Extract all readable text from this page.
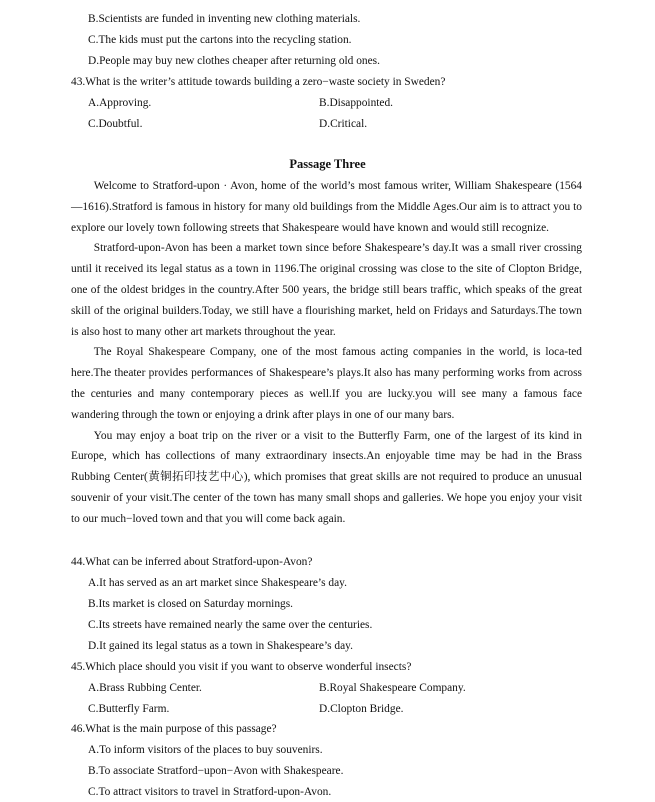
B.Scientists are funded in inventing new clothing materials.
C.The kids must put the cartons into the recycling station.
D.People may buy new clothes cheaper after returning old ones.
43.What is the writer’s attitude towards building a zero−waste society in Sweden?
A.Approving.	B.Disappointed.
C.Doubtful.	D.Critical.
Passage Three

Welcome to Stratford-upon · Avon, home of the world’s most famous writer, William Shakespeare (1564—1616).Stratford is famous in history for many old buildings from the Middle Ages.Our aim is to attract you to explore our lovely town following streets that Shakespeare would have known and would still recognize.

Stratford-upon-Avon has been a market town since before Shakespeare’s day.It was a small river crossing until it received its legal status as a town in 1196.The original crossing was close to the site of Clopton Bridge, one of the oldest bridges in the country.After 500 years, the bridge still bears traffic, which speaks of the great skill of the original builders.Today, we still have a flourishing market, held on Fridays and Saturdays.The town is also host to many other art markets throughout the year.

The Royal Shakespeare Company, one of the most famous acting companies in the world, is loca-ted here.The theater provides performances of Shakespeare’s plays.It also has many performing works from across the centuries and many contemporary pieces as well.If you are lucky.you will see many a famous face wandering through the town or enjoying a drink after plays in one of our many bars.

You may enjoy a boat trip on the river or a visit to the Butterfly Farm, one of the largest of its kind in Europe, which has collections of many extraordinary insects.An enjoyable time may be had in the Brass Rubbing Center(黄铜拓印技艺中心), which promises that great skills are not required to produce an unusual souvenir of your visit.The center of the town has many small shops and galleries. We hope you enjoy your visit to our much−loved town and that you will come back again.

44.What can be inferred about Stratford-upon-Avon?
A.It has served as an art market since Shakespeare’s day.
B.Its market is closed on Saturday mornings.
C.Its streets have remained nearly the same over the centuries.
D.It gained its legal status as a town in Shakespeare’s day.
45.Which place should you visit if you want to observe wonderful insects?
A.Brass Rubbing Center.	B.Royal Shakespeare Company.
C.Butterfly Farm.	D.Clopton Bridge.
46.What is the main purpose of this passage?
A.To inform visitors of the places to buy souvenirs.
B.To associate Stratford−upon−Avon with Shakespeare.
C.To attract visitors to travel in Stratford-upon-Avon.
